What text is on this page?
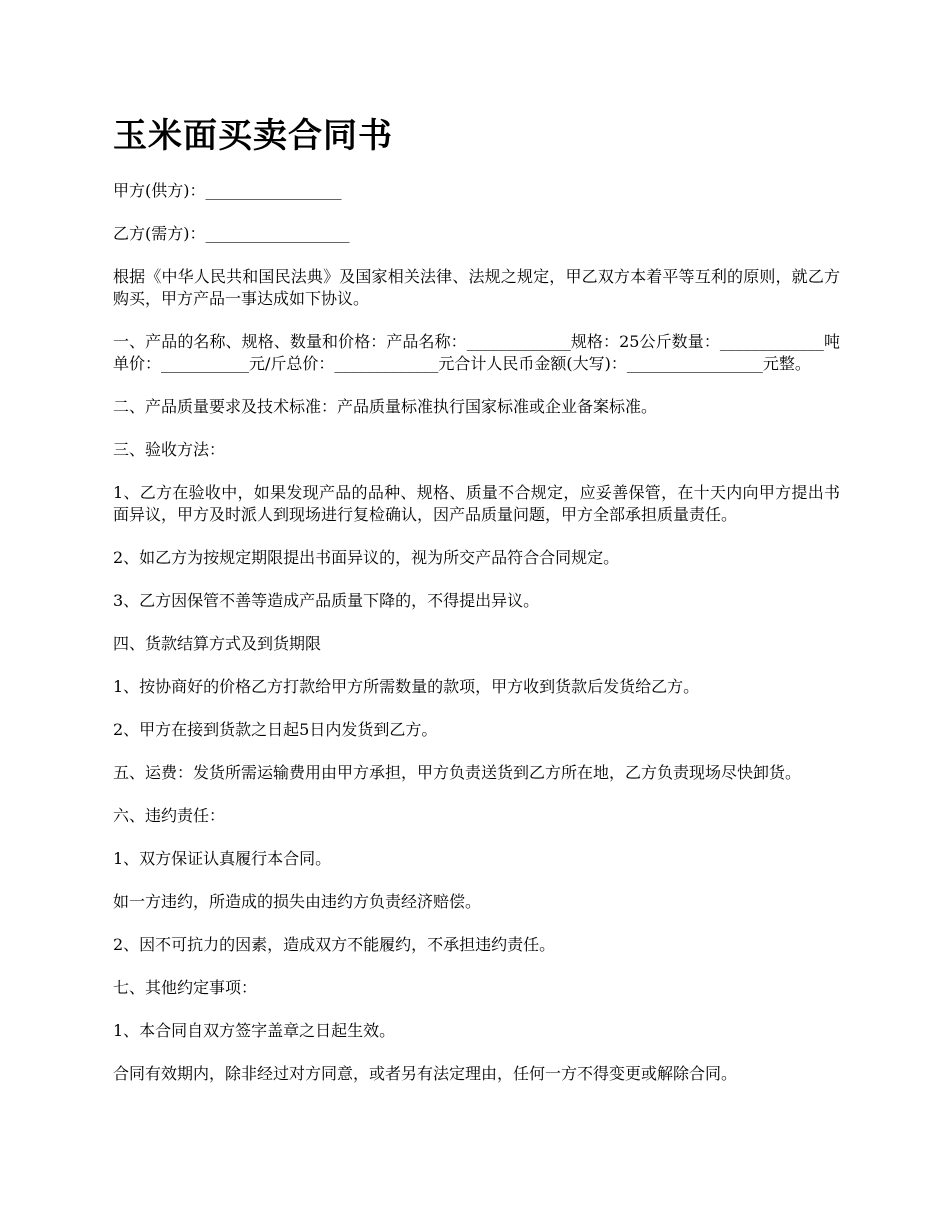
玉米面买卖合同书

甲方(供方)：_________________

乙方(需方)：__________________

根据《中华人民共和国民法典》及国家相关法律、法规之规定，甲乙双方本着平等互利的原则，就乙方购买，甲方产品一事达成如下协议。

一、产品的名称、规格、数量和价格：产品名称：_____________规格：25公斤数量：_____________吨单价：___________元/斤总价：_____________元合计人民币金额(大写)：_________________元整。

二、产品质量要求及技术标准：产品质量标准执行国家标准或企业备案标准。

三、验收方法：

1、乙方在验收中，如果发现产品的品种、规格、质量不合规定，应妥善保管，在十天内向甲方提出书面异议，甲方及时派人到现场进行复检确认，因产品质量问题，甲方全部承担质量责任。

2、如乙方为按规定期限提出书面异议的，视为所交产品符合合同规定。

3、乙方因保管不善等造成产品质量下降的，不得提出异议。

四、货款结算方式及到货期限

1、按协商好的价格乙方打款给甲方所需数量的款项，甲方收到货款后发货给乙方。

2、甲方在接到货款之日起5日内发货到乙方。

五、运费：发货所需运输费用由甲方承担，甲方负责送货到乙方所在地，乙方负责现场尽快卸货。

六、违约责任：

1、双方保证认真履行本合同。

如一方违约，所造成的损失由违约方负责经济赔偿。

2、因不可抗力的因素，造成双方不能履约，不承担违约责任。

七、其他约定事项：

1、本合同自双方签字盖章之日起生效。

合同有效期内，除非经过对方同意，或者另有法定理由，任何一方不得变更或解除合同。
